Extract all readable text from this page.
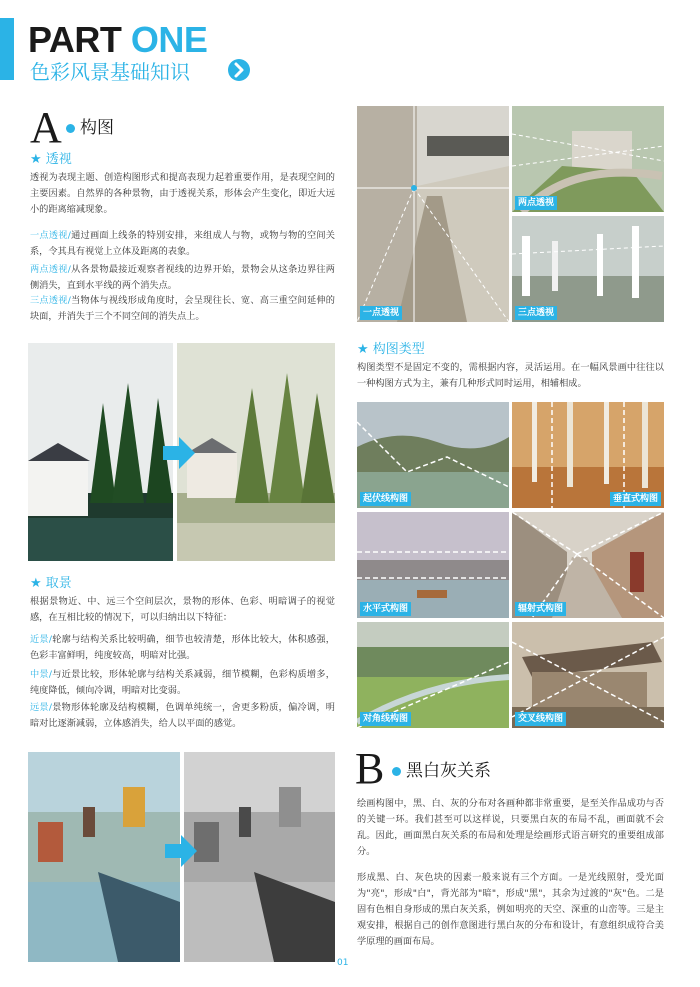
PART ONE
色彩风景基础知识
A 构图
★ 透视
透视为表现主题、创造构图形式和提高表现力起着重要作用，是表现空间的主要因素。自然界的各种景物，由于透视关系，形体会产生变化，即近大远小的距离缩减现象。
一点透视/通过画面上线条的特别安排，来组成人与物，或物与物的空间关系，令其具有视觉上立体及距离的表象。
两点透视/从各景物最接近观察者视线的边界开始，景物会从这条边界往两侧消失，直到水平线的两个消失点。
三点透视/当物体与视线形成角度时，会呈现往长、宽、高三重空间延伸的块面，并消失于三个不同空间的消失点上。
★ 取景
根据景物近、中、远三个空间层次，景物的形体、色彩、明暗调子的视觉感，在互相比较的情况下，可以归纳出以下特征：
近景/轮廓与结构关系比较明确，细节也较清楚，形体比较大，体积感强，色彩丰富鲜明，纯度较高，明暗对比强。
中景/与近景比较，形体轮廓与结构关系减弱，细节模糊，色彩构质增多，纯度降低，倾向冷调，明暗对比变弱。
远景/景物形体轮廓及结构模糊，色调单纯统一，舍更多粉质，偏冷调，明暗对比逐渐减弱，立体感消失，给人以平面的感觉。
一点透视
两点透视
三点透视
★ 构图类型
构图类型不是固定不变的，需根据内容，灵活运用。在一幅风景画中往往以一种构图方式为主，兼有几种形式同时运用，相辅相成。
起伏线构图	垂直式构图
水平式构图	辐射式构图
对角线构图	交叉线构图
B 黑白灰关系
绘画构图中，黑、白、灰的分布对各画种都非常重要，是至关作品成功与否的关键一环。我们甚至可以这样说，只要黑白灰的布局不乱，画面就不会乱。因此，画面黑白灰关系的布局和处理是绘画形式语言研究的重要组成部分。
形成黑、白、灰色块的因素一般来说有三个方面。一是光线照射，受光面为"亮"，形成"白"，背光部为"暗"，形成"黑"，其余为过渡的"灰"色。二是固有色相自身形成的黑白灰关系，例如明亮的天空、深重的山峦等。三是主观安排，根据自己的创作意图进行黑白灰的分布和设计，有意组织成符合美学原理的画面布局。
01
